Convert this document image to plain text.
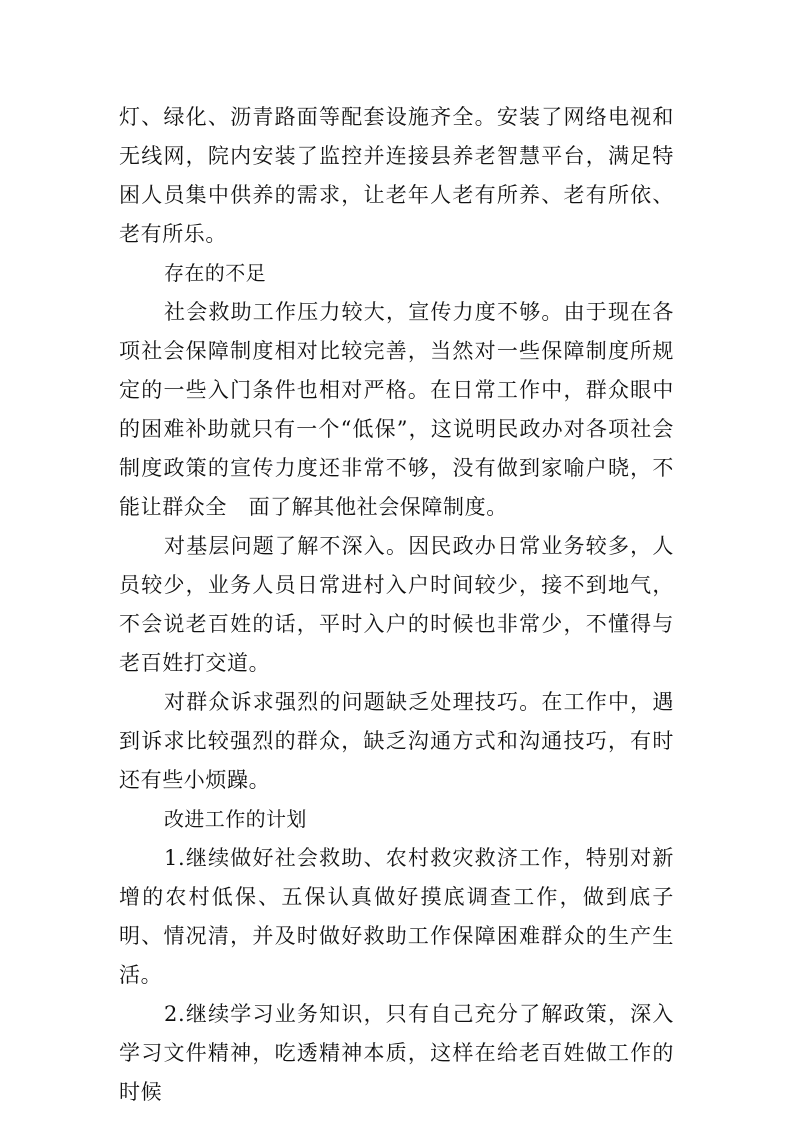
灯、绿化、沥青路面等配套设施齐全。安装了网络电视和无线网，院内安装了监控并连接县养老智慧平台，满足特困人员集中供养的需求，让老年人老有所养、老有所依、老有所乐。

存在的不足

社会救助工作压力较大，宣传力度不够。由于现在各项社会保障制度相对比较完善，当然对一些保障制度所规定的一些入门条件也相对严格。在日常工作中，群众眼中的困难补助就只有一个“低保”，这说明民政办对各项社会制度政策的宣传力度还非常不够，没有做到家喻户晓，不能让群众全　面了解其他社会保障制度。

对基层问题了解不深入。因民政办日常业务较多，人员较少，业务人员日常进村入户时间较少，接不到地气，不会说老百姓的话，平时入户的时候也非常少，不懂得与老百姓打交道。

对群众诉求强烈的问题缺乏处理技巧。在工作中，遇到诉求比较强烈的群众，缺乏沟通方式和沟通技巧，有时还有些小烦躁。

改进工作的计划

1.继续做好社会救助、农村救灾救济工作，特别对新增的农村低保、五保认真做好摸底调查工作，做到底子明、情况清，并及时做好救助工作保障困难群众的生产生活。

2.继续学习业务知识，只有自己充分了解政策，深入学习文件精神，吃透精神本质，这样在给老百姓做工作的时候
